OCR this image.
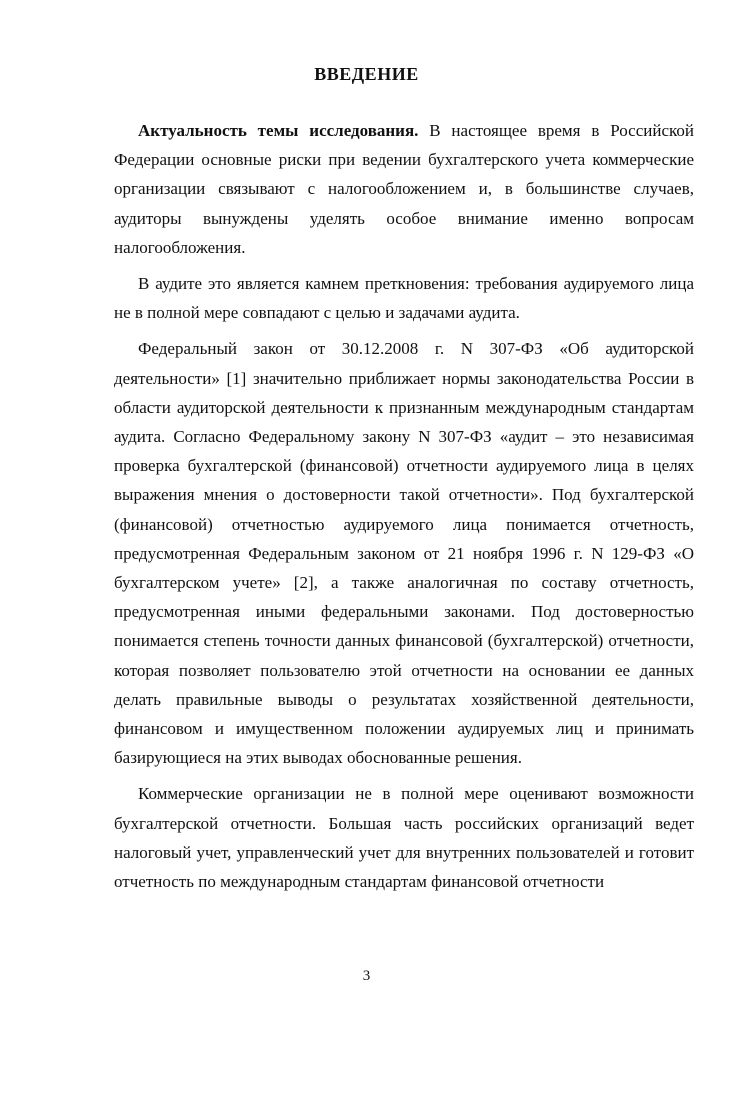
ВВЕДЕНИЕ

Актуальность темы исследования. В настоящее время в Российской Федерации основные риски при ведении бухгалтерского учета коммерческие организации связывают с налогообложением и, в большинстве случаев, аудиторы вынуждены уделять особое внимание именно вопросам налогообложения.

В аудите это является камнем преткновения: требования аудируемого лица не в полной мере совпадают с целью и задачами аудита.

Федеральный закон от 30.12.2008 г. N 307-ФЗ «Об аудиторской деятельности» [1] значительно приближает нормы законодательства России в области аудиторской деятельности к признанным международным стандартам аудита. Согласно Федеральному закону N 307-ФЗ «аудит – это независимая проверка бухгалтерской (финансовой) отчетности аудируемого лица в целях выражения мнения о достоверности такой отчетности». Под бухгалтерской (финансовой) отчетностью аудируемого лица понимается отчетность, предусмотренная Федеральным законом от 21 ноября 1996 г. N 129-ФЗ «О бухгалтерском учете» [2], а также аналогичная по составу отчетность, предусмотренная иными федеральными законами. Под достоверностью понимается степень точности данных финансовой (бухгалтерской) отчетности, которая позволяет пользователю этой отчетности на основании ее данных делать правильные выводы о результатах хозяйственной деятельности, финансовом и имущественном положении аудируемых лиц и принимать базирующиеся на этих выводах обоснованные решения.

Коммерческие организации не в полной мере оценивают возможности бухгалтерской отчетности. Большая часть российских организаций ведет налоговый учет, управленческий учет для внутренних пользователей и готовит отчетность по международным стандартам финансовой отчетности

3
